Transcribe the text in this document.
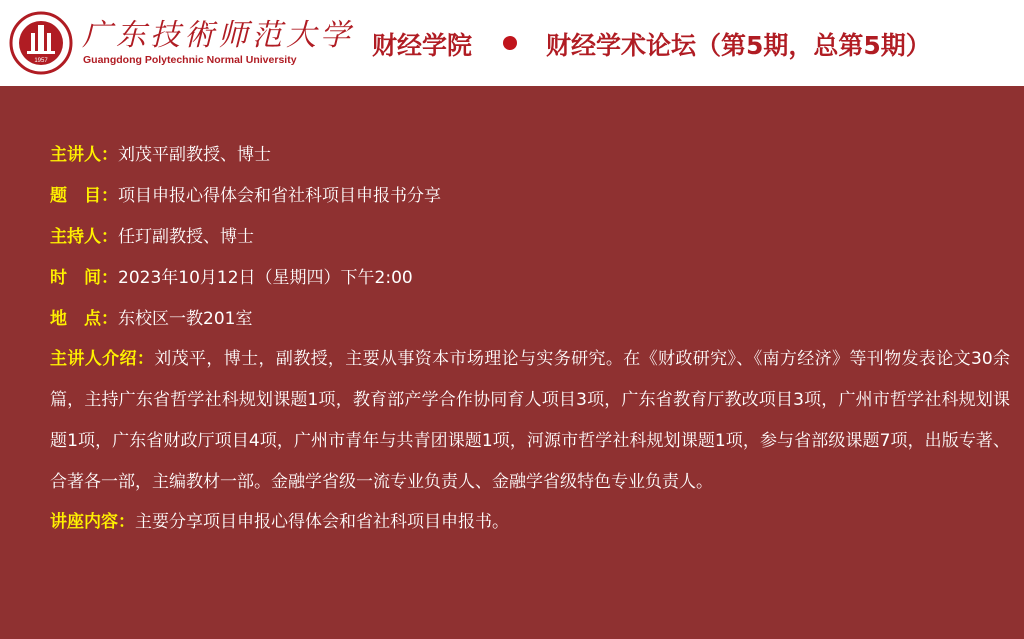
1957
广东技術师范大学
Guangdong Polytechnic Normal University	财经学院	财经学术论坛（第5期，总第5期）
主讲人：刘茂平副教授、博士
题　目：项目申报心得体会和省社科项目申报书分享
主持人：任玎副教授、博士
时　间：2023年10月12日（星期四）下午2:00
地　点：东校区一教201室
主讲人介绍：刘茂平，博士，副教授，主要从事资本市场理论与实务研究。在《财政研究》、《南方经济》等刊物发表论文30余篇，主持广东省哲学社科规划课题1项，教育部产学合作协同育人项目3项，广东省教育厅教改项目3项，广州市哲学社科规划课题1项，广东省财政厅项目4项，广州市青年与共青团课题1项，河源市哲学社科规划课题1项，参与省部级课题7项，出版专著、合著各一部，主编教材一部。金融学省级一流专业负责人、金融学省级特色专业负责人。
讲座内容：主要分享项目申报心得体会和省社科项目申报书。
